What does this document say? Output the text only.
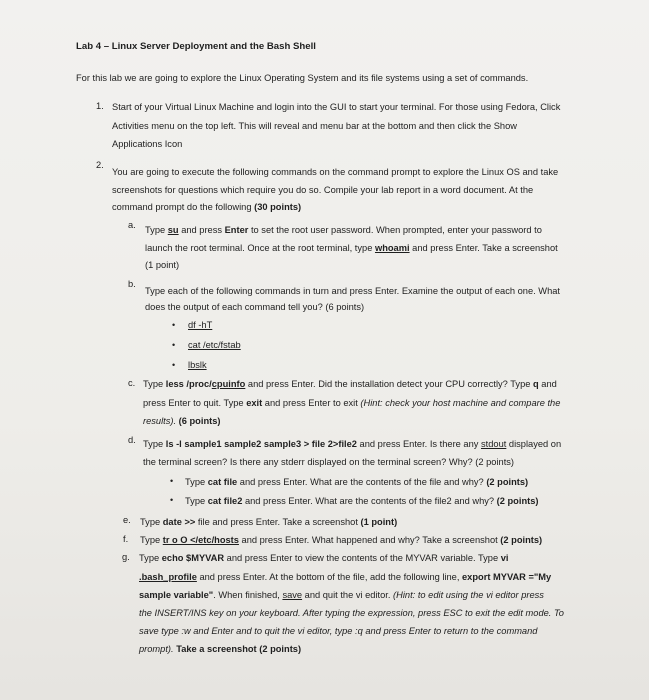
Lab 4 – Linux Server Deployment and the Bash Shell
For this lab we are going to explore the Linux Operating System and its file systems using a set of commands.
1. Start of your Virtual Linux Machine and login into the GUI to start your terminal. For those using Fedora, Click
Activities menu on the top left. This will reveal and menu bar at the bottom and then click the Show
Applications Icon
2.
You are going to execute the following commands on the command prompt to explore the Linux OS and take
screenshots for questions which require you do so. Compile your lab report in a word document. At the
command prompt do the following (30 points)
a. Type su and press Enter to set the root user password. When prompted, enter your password to
launch the root terminal. Once at the root terminal, type whoami and press Enter. Take a screenshot
(1 point)
b.
Type each of the following commands in turn and press Enter. Examine the output of each one. What
does the output of each command tell you? (6 points)
• df -hT
• cat /etc/fstab
• lbslk
c. Type less /proc/cpuinfo and press Enter. Did the installation detect your CPU correctly? Type q and
press Enter to quit. Type exit and press Enter to exit (Hint: check your host machine and compare the
results). (6 points)
d. Type ls -l sample1 sample2 sample3 > file 2>file2 and press Enter. Is there any stdout displayed on
the terminal screen? Is there any stderr displayed on the terminal screen? Why? (2 points)
• Type cat file and press Enter. What are the contents of the file and why? (2 points)
• Type cat file2 and press Enter. What are the contents of the file2 and why? (2 points)
e. Type date >> file and press Enter. Take a screenshot (1 point)
f. Type tr o O </etc/hosts and press Enter. What happened and why? Take a screenshot (2 points)
g. Type echo $MYVAR and press Enter to view the contents of the MYVAR variable. Type vi
.bash_profile and press Enter. At the bottom of the file, add the following line, export MYVAR ="My
sample variable". When finished, save and quit the vi editor. (Hint: to edit using the vi editor press
the INSERT/INS key on your keyboard. After typing the expression, press ESC to exit the edit mode. To
save type :w and Enter and to quit the vi editor, type :q and press Enter to return to the command
prompt). Take a screenshot (2 points)
